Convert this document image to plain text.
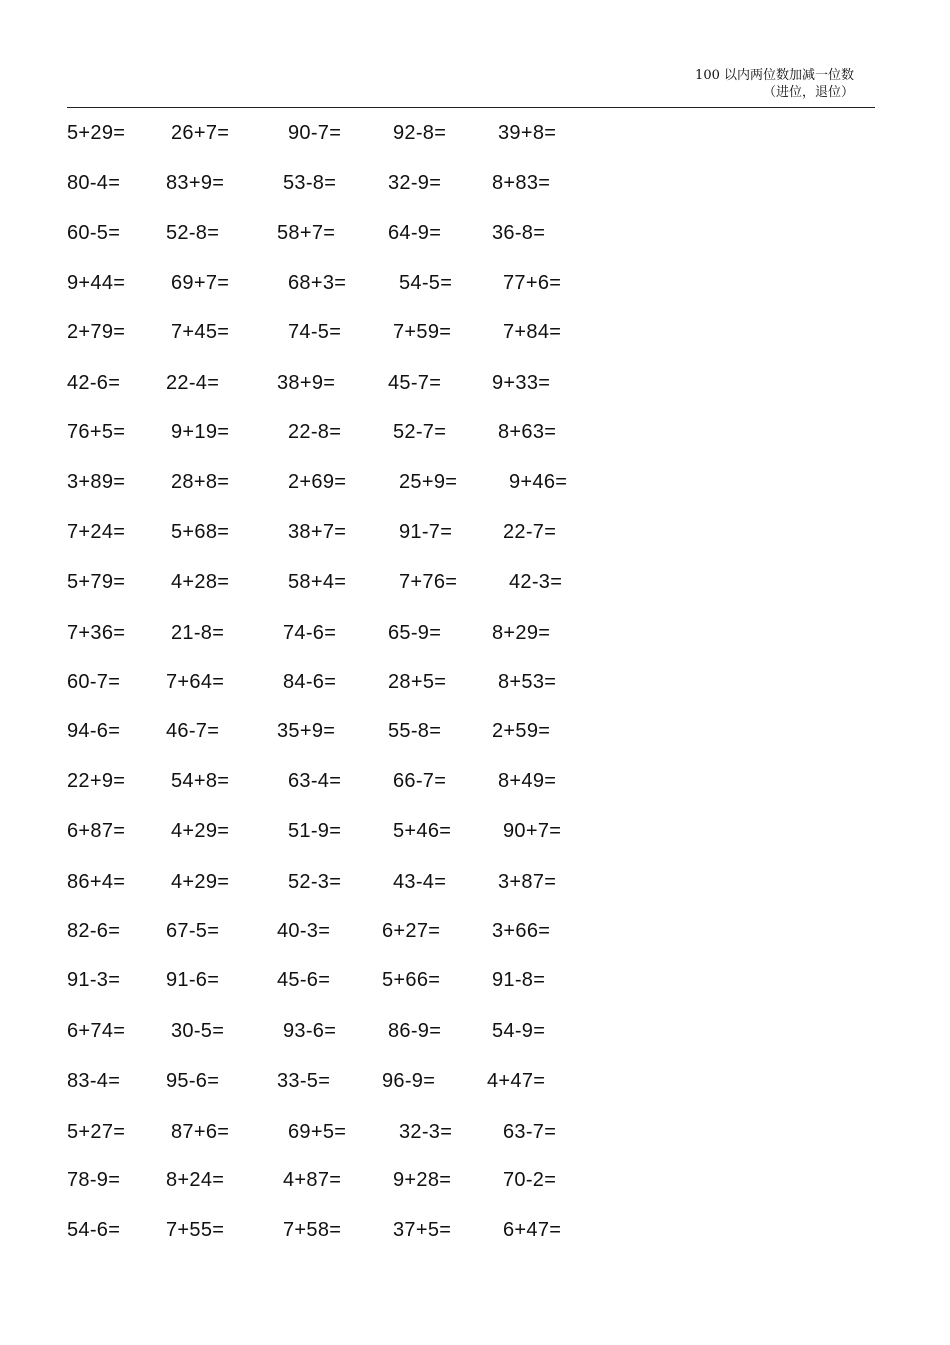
100 以内两位数加减一位数
（进位，退位）
5+29= 26+7=	90-7=	92-8=	39+8=
80-4= 83+9=	53-8=	32-9=	8+83=
60-5= 52-8=	58+7=	64-9=	36-8=
9+44= 69+7=	68+3=	54-5=	77+6=
2+79= 7+45=	74-5=	7+59=	7+84=
42-6= 22-4=	38+9=	45-7=	9+33=
76+5= 9+19=	22-8=	52-7=	8+63=
3+89= 28+8=	2+69=	25+9=	9+46=
7+24= 5+68=	38+7=	91-7=	22-7=
5+79= 4+28=	58+4=	7+76=	42-3=
7+36= 21-8=	74-6=	65-9=	8+29=
60-7= 7+64=	84-6=	28+5=	8+53=
94-6= 46-7=	35+9=	55-8=	2+59=
22+9= 54+8=	63-4=	66-7=	8+49=
6+87= 4+29=	51-9=	5+46=	90+7=
86+4= 4+29=	52-3=	43-4=	3+87=
82-6= 67-5=	40-3=	6+27=	3+66=
91-3= 91-6=	45-6=	5+66=	91-8=
6+74= 30-5=	93-6=	86-9=	54-9=
83-4= 95-6=	33-5=	96-9=	4+47=
5+27= 87+6=	69+5=	32-3=	63-7=
78-9= 8+24=	4+87=	9+28=	70-2=
54-6= 7+55=	7+58=	37+5=	6+47=
